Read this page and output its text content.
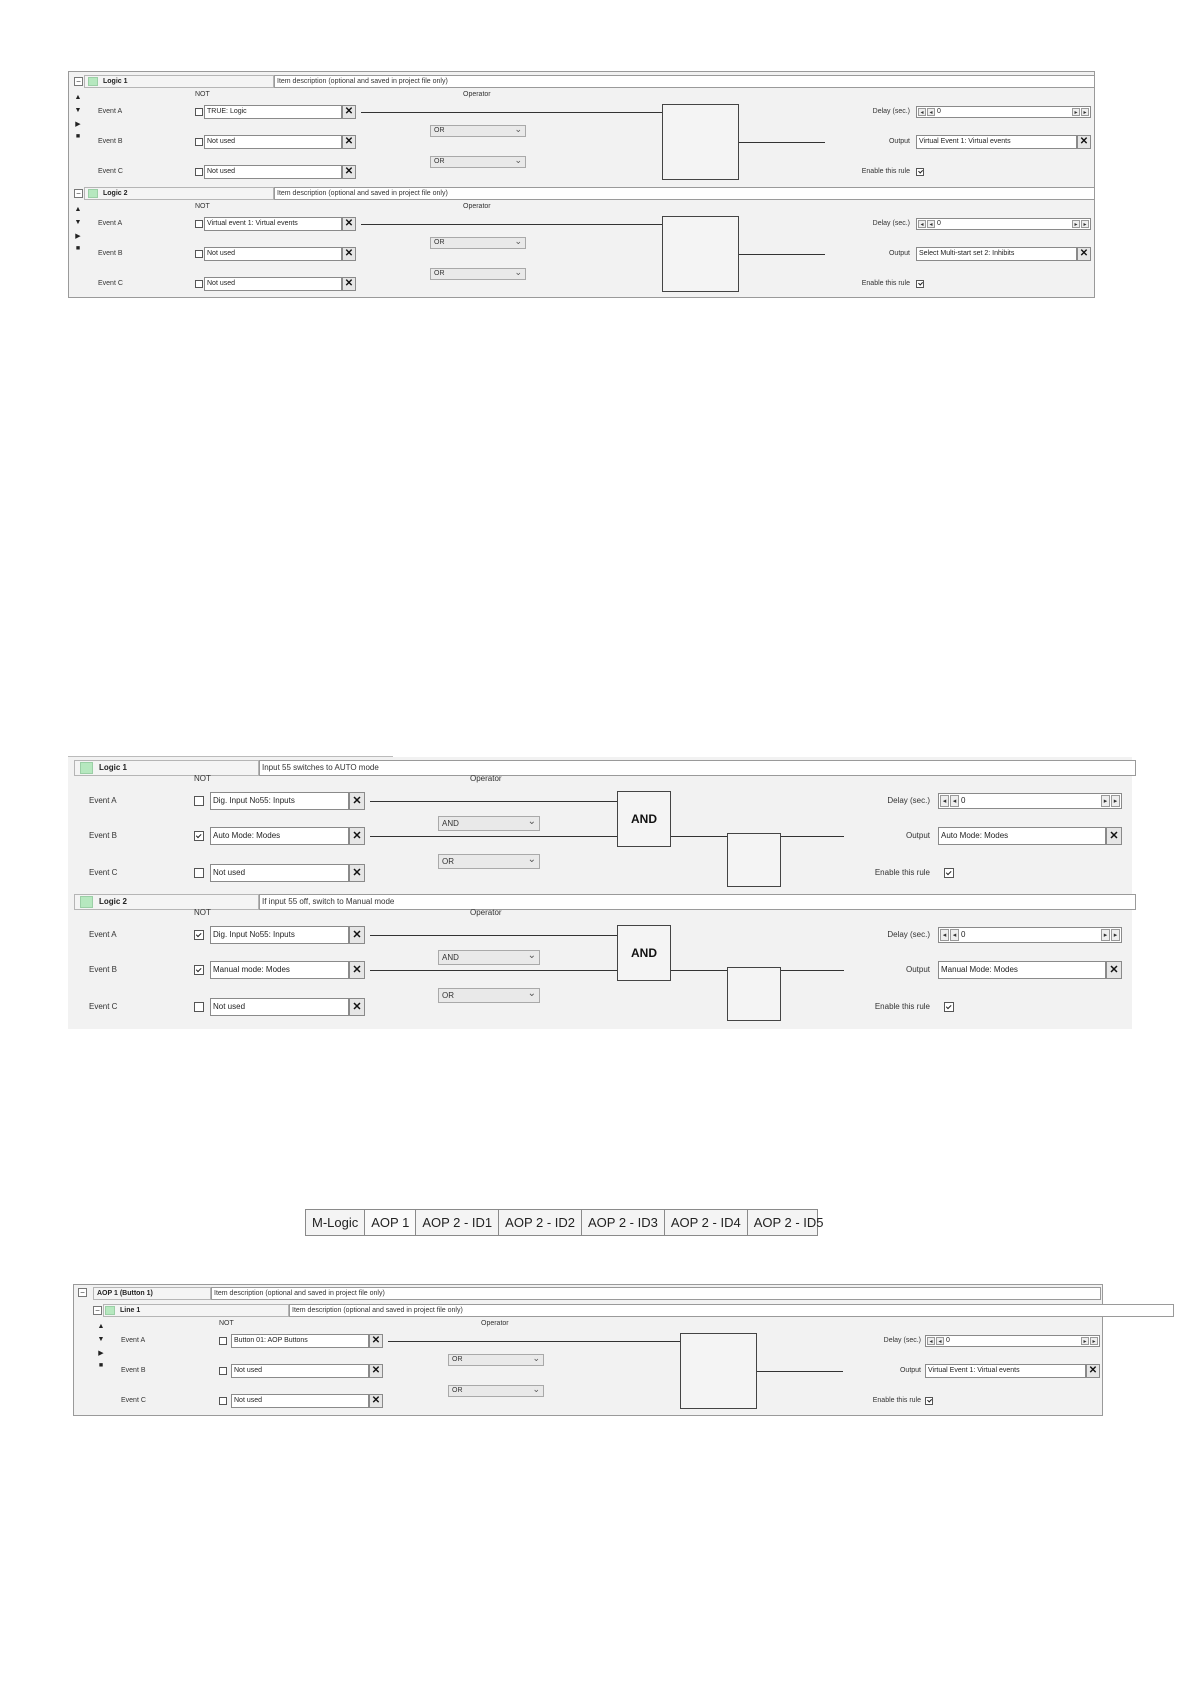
M-Logic	AOP 1	AOP 2 - ID1	AOP 2 - ID2	AOP 2 - ID3	AOP 2 - ID4	AOP 2 - ID5
−	Logic 1	Item description (optional and saved in project file only)
NOT	Operator
▲
▼
▶
■
Event A	TRUE: Logic	✕
Event B	Not used	✕
Event C	Not used	✕
OR	⌄
OR	⌄
Delay (sec.)	◂ ◂ 0	▸ ▸
Output	Virtual Event 1: Virtual events	✕
Enable this rule
−	Logic 2	Item description (optional and saved in project file only)
NOT	Operator
▲
▼
▶
■
Event A	Virtual event 1: Virtual events	✕
Event B	Not used	✕
Event C	Not used	✕
OR	⌄
OR	⌄
Delay (sec.)	◂ ◂ 0	▸ ▸
Output	Select Multi-start set 2: Inhibits	✕
Enable this rule
Logic 1	Input 55 switches to AUTO mode
NOT	Operator
Event A	Dig. Input No55: Inputs	✕
Event B	Auto Mode: Modes	✕
Event C	Not used	✕
AND	⌄
OR	⌄
AND
Delay (sec.)	◂ ◂ 0	▸ ▸
Output	Auto Mode: Modes	✕
Enable this rule
Logic 2	If input 55 off, switch to Manual mode
NOT	Operator
Event A	Dig. Input No55: Inputs	✕
Event B	Manual mode: Modes	✕
Event C	Not used	✕
AND	⌄
OR	⌄
AND
Delay (sec.)	◂ ◂ 0	▸ ▸
Output	Manual Mode: Modes	✕
Enable this rule
−	AOP 1 (Button 1)	Item description (optional and saved in project file only)
−	Line 1	Item description (optional and saved in project file only)
NOT	Operator
▲
▼
▶
■
Event A	Button 01: AOP Buttons	✕
Event B	Not used	✕
Event C	Not used	✕
OR	⌄
OR	⌄
Delay (sec.)	◂ ◂ 0	▸ ▸
Output	Virtual Event 1: Virtual events	✕
Enable this rule
